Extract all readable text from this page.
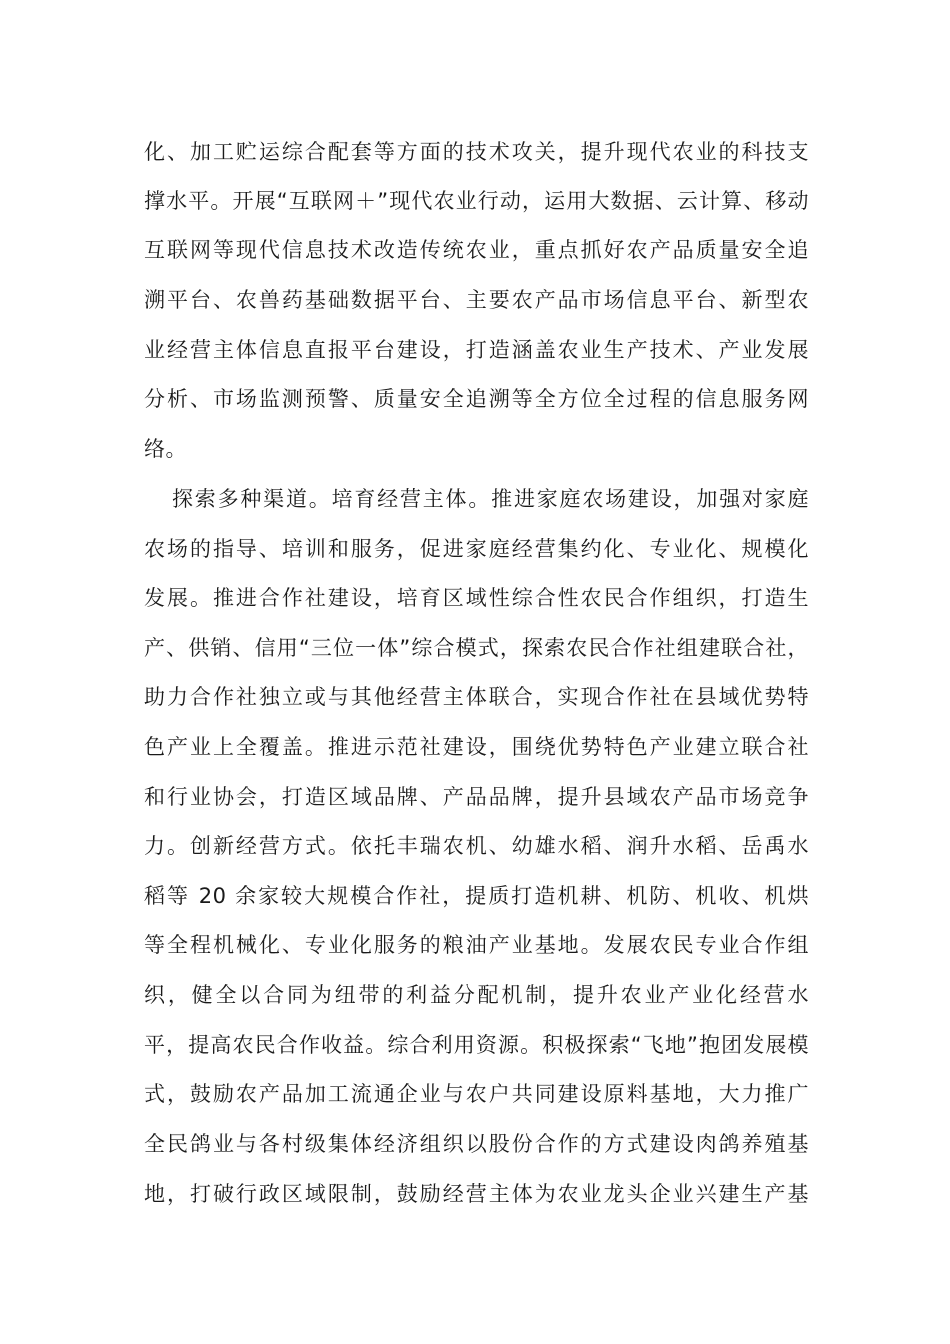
化、加工贮运综合配套等方面的技术攻关，提升现代农业的科技支
撑水平。开展“互联网＋”现代农业行动，运用大数据、云计算、移动
互联网等现代信息技术改造传统农业，重点抓好农产品质量安全追
溯平台、农兽药基础数据平台、主要农产品市场信息平台、新型农
业经营主体信息直报平台建设，打造涵盖农业生产技术、产业发展
分析、市场监测预警、质量安全追溯等全方位全过程的信息服务网
络。
探索多种渠道。培育经营主体。推进家庭农场建设，加强对家庭
农场的指导、培训和服务，促进家庭经营集约化、专业化、规模化
发展。推进合作社建设，培育区域性综合性农民合作组织，打造生
产、供销、信用“三位一体”综合模式，探索农民合作社组建联合社，
助力合作社独立或与其他经营主体联合，实现合作社在县域优势特
色产业上全覆盖。推进示范社建设，围绕优势特色产业建立联合社
和行业协会，打造区域品牌、产品品牌，提升县域农产品市场竞争
力。创新经营方式。依托丰瑞农机、幼雄水稻、润升水稻、岳禹水
稻等 20 余家较大规模合作社，提质打造机耕、机防、机收、机烘
等全程机械化、专业化服务的粮油产业基地。发展农民专业合作组
织，健全以合同为纽带的利益分配机制，提升农业产业化经营水
平，提高农民合作收益。综合利用资源。积极探索“飞地”抱团发展模
式，鼓励农产品加工流通企业与农户共同建设原料基地，大力推广
全民鸽业与各村级集体经济组织以股份合作的方式建设肉鸽养殖基
地，打破行政区域限制，鼓励经营主体为农业龙头企业兴建生产基
